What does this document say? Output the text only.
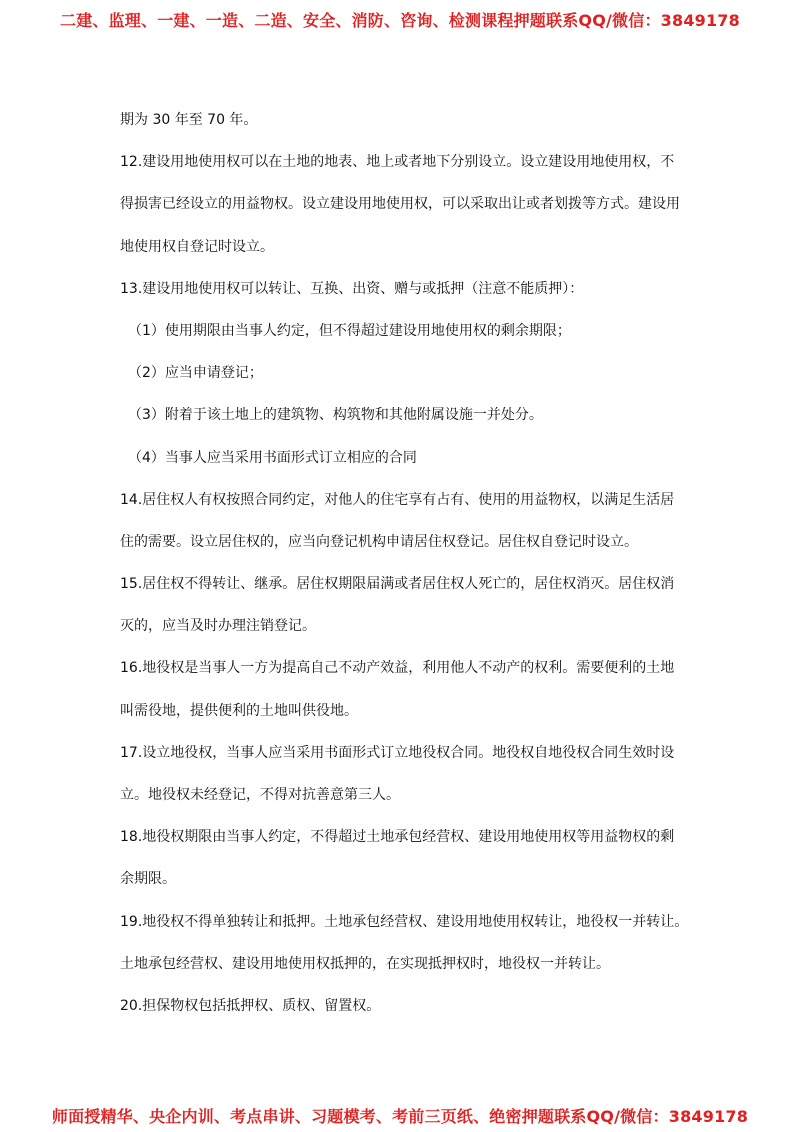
二建、监理、一建、一造、二造、安全、消防、咨询、检测课程押题联系QQ/微信：3849178
期为 30 年至 70 年。
12.建设用地使用权可以在土地的地表、地上或者地下分别设立。设立建设用地使用权，不
得损害已经设立的用益物权。设立建设用地使用权，可以采取出让或者划拨等方式。建设用
地使用权自登记时设立。
13.建设用地使用权可以转让、互换、出资、赠与或抵押（注意不能质押）：
（1）使用期限由当事人约定，但不得超过建设用地使用权的剩余期限；
（2）应当申请登记；
（3）附着于该土地上的建筑物、构筑物和其他附属设施一并处分。
（4）当事人应当采用书面形式订立相应的合同
14.居住权人有权按照合同约定，对他人的住宅享有占有、使用的用益物权，以满足生活居
住的需要。设立居住权的，应当向登记机构申请居住权登记。居住权自登记时设立。
15.居住权不得转让、继承。居住权期限届满或者居住权人死亡的，居住权消灭。居住权消
灭的，应当及时办理注销登记。
16.地役权是当事人一方为提高自己不动产效益，利用他人不动产的权利。需要便利的土地
叫需役地，提供便利的土地叫供役地。
17.设立地役权，当事人应当采用书面形式订立地役权合同。地役权自地役权合同生效时设
立。地役权未经登记，不得对抗善意第三人。
18.地役权期限由当事人约定，不得超过土地承包经营权、建设用地使用权等用益物权的剩
余期限。
19.地役权不得单独转让和抵押。土地承包经营权、建设用地使用权转让，地役权一并转让。
土地承包经营权、建设用地使用权抵押的，在实现抵押权时，地役权一并转让。
20.担保物权包括抵押权、质权、留置权。
师面授精华、央企内训、考点串讲、习题模考、考前三页纸、绝密押题联系QQ/微信：3849178
